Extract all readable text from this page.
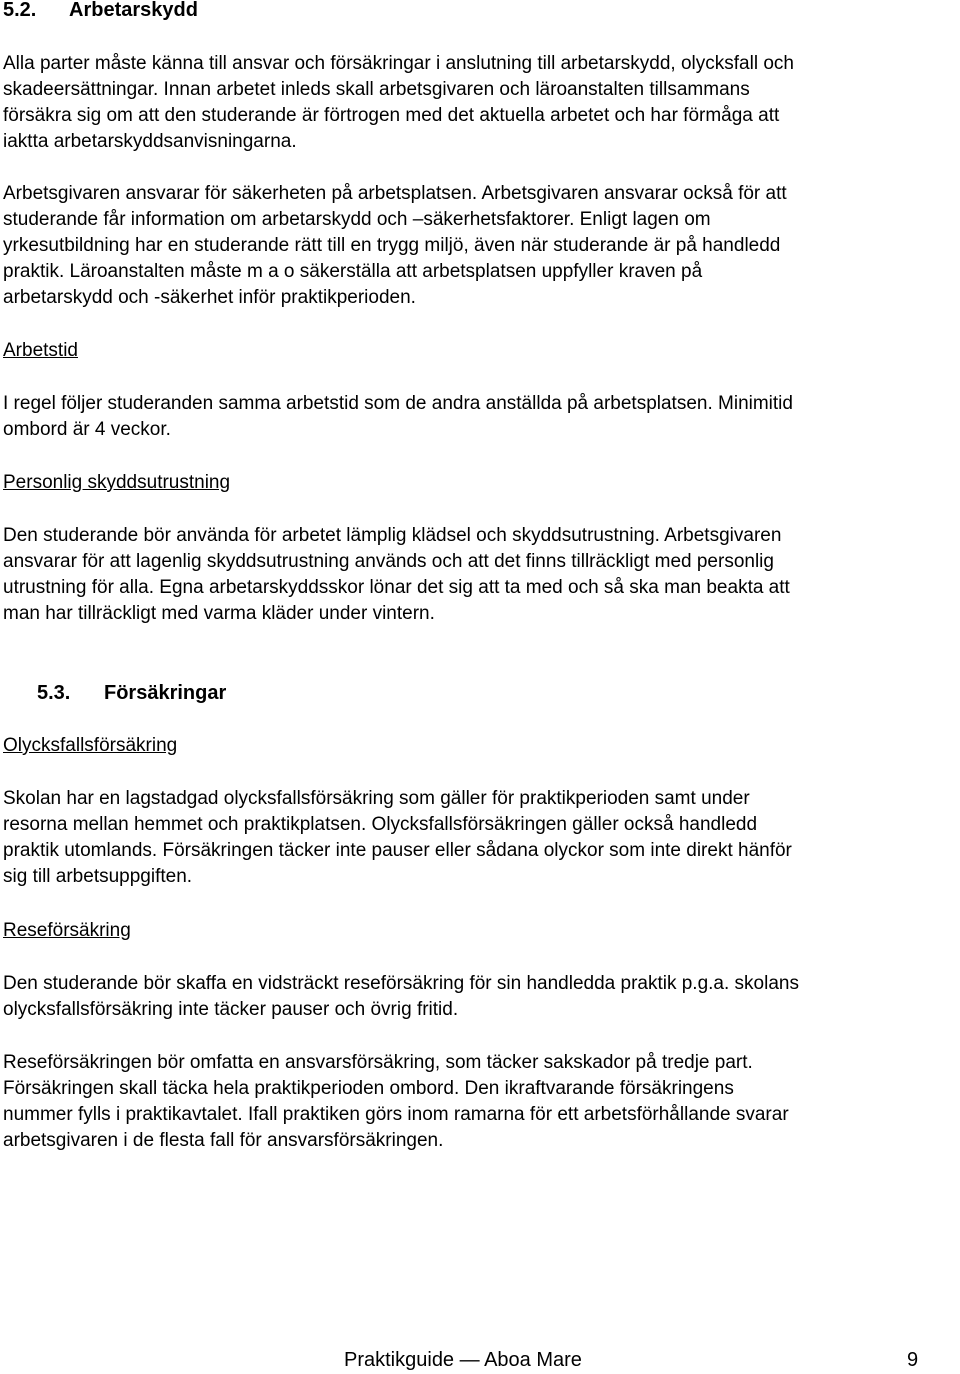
5.2. Arbetarskydd
Alla parter måste känna till ansvar och försäkringar i anslutning till arbetarskydd, olycksfall och
skadeersättningar. Innan arbetet inleds skall arbetsgivaren och läroanstalten tillsammans
försäkra sig om att den studerande är förtrogen med det aktuella arbetet och har förmåga att
iaktta arbetarskyddsanvisningarna.
Arbetsgivaren ansvarar för säkerheten på arbetsplatsen. Arbetsgivaren ansvarar också för att
studerande får information om arbetarskydd och –säkerhetsfaktorer. Enligt lagen om
yrkesutbildning har en studerande rätt till en trygg miljö, även när studerande är på handledd
praktik. Läroanstalten måste m a o säkerställa att arbetsplatsen uppfyller kraven på
arbetarskydd och -säkerhet inför praktikperioden.
Arbetstid
I regel följer studeranden samma arbetstid som de andra anställda på arbetsplatsen. Minimitid
ombord är 4 veckor.
Personlig skyddsutrustning
Den studerande bör använda för arbetet lämplig klädsel och skyddsutrustning. Arbetsgivaren
ansvarar för att lagenlig skyddsutrustning används och att det finns tillräckligt med personlig
utrustning för alla. Egna arbetarskyddsskor lönar det sig att ta med och så ska man beakta att
man har tillräckligt med varma kläder under vintern.
5.3. Försäkringar
Olycksfallsförsäkring
Skolan har en lagstadgad olycksfallsförsäkring som gäller för praktikperioden samt under
resorna mellan hemmet och praktikplatsen. Olycksfallsförsäkringen gäller också handledd
praktik utomlands. Försäkringen täcker inte pauser eller sådana olyckor som inte direkt hänför
sig till arbetsuppgiften.
Reseförsäkring
Den studerande bör skaffa en vidsträckt reseförsäkring för sin handledda praktik p.g.a. skolans
olycksfallsförsäkring inte täcker pauser och övrig fritid.
Reseförsäkringen bör omfatta en ansvarsförsäkring, som täcker sakskador på tredje part.
Försäkringen skall täcka hela praktikperioden ombord. Den ikraftvarande försäkringens
nummer fylls i praktikavtalet. Ifall praktiken görs inom ramarna för ett arbetsförhållande svarar
arbetsgivaren i de flesta fall för ansvarsförsäkringen.
Praktikguide — Aboa Mare	9
